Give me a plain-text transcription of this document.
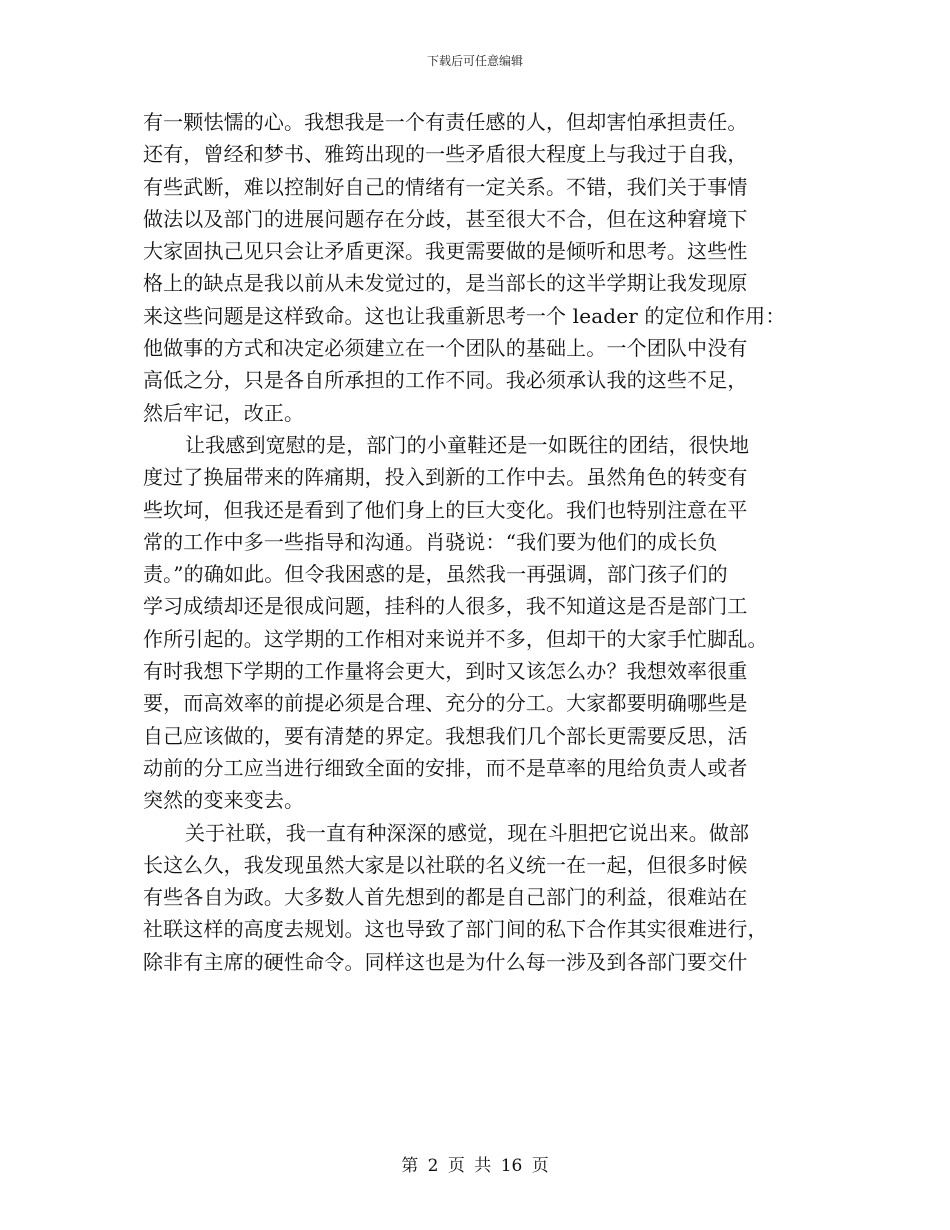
下载后可任意编辑
有一颗怯懦的心。我想我是一个有责任感的人，但却害怕承担责任。
还有，曾经和梦书、雅筠出现的一些矛盾很大程度上与我过于自我，
有些武断，难以控制好自己的情绪有一定关系。不错，我们关于事情
做法以及部门的进展问题存在分歧，甚至很大不合，但在这种窘境下
大家固执己见只会让矛盾更深。我更需要做的是倾听和思考。这些性
格上的缺点是我以前从未发觉过的，是当部长的这半学期让我发现原
来这些问题是这样致命。这也让我重新思考一个 leader 的定位和作用：
他做事的方式和决定必须建立在一个团队的基础上。一个团队中没有
高低之分，只是各自所承担的工作不同。我必须承认我的这些不足，
然后牢记，改正。
让我感到宽慰的是，部门的小童鞋还是一如既往的团结，很快地
度过了换届带来的阵痛期，投入到新的工作中去。虽然角色的转变有
些坎坷，但我还是看到了他们身上的巨大变化。我们也特别注意在平
常的工作中多一些指导和沟通。肖骁说：“我们要为他们的成长负
责。”的确如此。但令我困惑的是，虽然我一再强调，部门孩子们的
学习成绩却还是很成问题，挂科的人很多，我不知道这是否是部门工
作所引起的。这学期的工作相对来说并不多，但却干的大家手忙脚乱。
有时我想下学期的工作量将会更大，到时又该怎么办？我想效率很重
要，而高效率的前提必须是合理、充分的分工。大家都要明确哪些是
自己应该做的，要有清楚的界定。我想我们几个部长更需要反思，活
动前的分工应当进行细致全面的安排，而不是草率的甩给负责人或者
突然的变来变去。
关于社联，我一直有种深深的感觉，现在斗胆把它说出来。做部
长这么久，我发现虽然大家是以社联的名义统一在一起，但很多时候
有些各自为政。大多数人首先想到的都是自己部门的利益，很难站在
社联这样的高度去规划。这也导致了部门间的私下合作其实很难进行，
除非有主席的硬性命令。同样这也是为什么每一涉及到各部门要交什
第 2 页 共 16 页
